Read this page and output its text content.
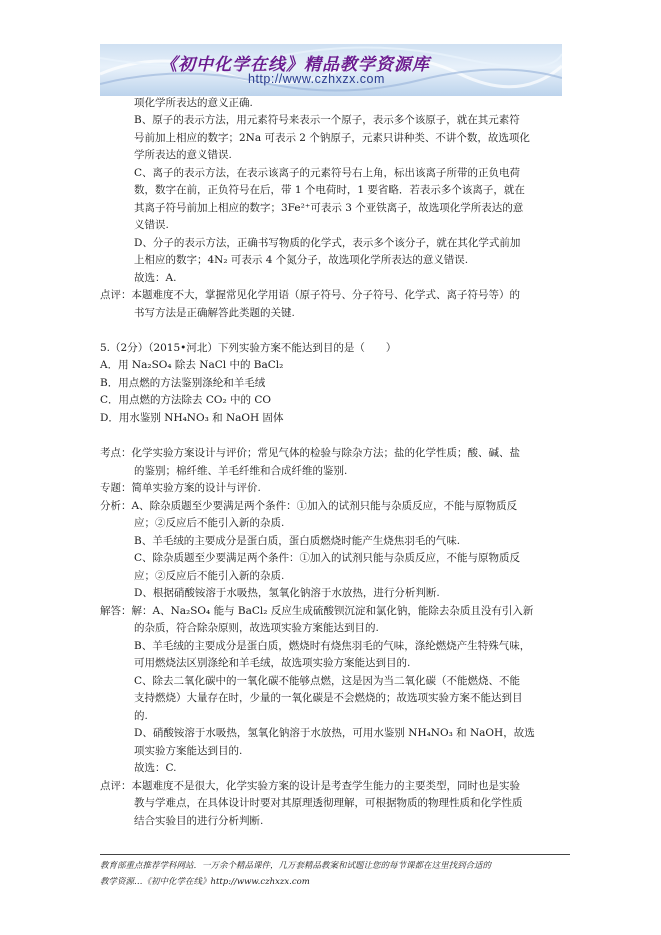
《初中化学在线》精品教学资源库
http://www.czhxzx.com
项化学所表达的意义正确.
B、原子的表示方法，用元素符号来表示一个原子，表示多个该原子，就在其元素符
号前加上相应的数字；2Na 可表示 2 个钠原子，元素只讲种类、不讲个数，故选项化
学所表达的意义错误.
C、离子的表示方法，在表示该离子的元素符号右上角，标出该离子所带的正负电荷
数，数字在前，正负符号在后，带 1 个电荷时，1 要省略．若表示多个该离子，就在
其离子符号前加上相应的数字；3Fe²⁺可表示 3 个亚铁离子，故选项化学所表达的意
义错误.
D、分子的表示方法，正确书写物质的化学式，表示多个该分子，就在其化学式前加
上相应的数字；4N₂ 可表示 4 个氮分子，故选项化学所表达的意义错误.
故选：A.
点评：本题难度不大，掌握常见化学用语（原子符号、分子符号、化学式、离子符号等）的
书写方法是正确解答此类题的关键.
5.（2分）（2015•河北）下列实验方案不能达到目的是（　　）
A．用 Na₂SO₄ 除去 NaCl 中的 BaCl₂
B．用点燃的方法鉴别涤纶和羊毛绒
C．用点燃的方法除去 CO₂ 中的 CO
D．用水鉴别 NH₄NO₃ 和 NaOH 固体
考点：化学实验方案设计与评价；常见气体的检验与除杂方法；盐的化学性质；酸、碱、盐
的鉴别；棉纤维、羊毛纤维和合成纤维的鉴别.
专题：简单实验方案的设计与评价.
分析：A、除杂质题至少要满足两个条件：①加入的试剂只能与杂质反应，不能与原物质反
应；②反应后不能引入新的杂质.
B、羊毛绒的主要成分是蛋白质，蛋白质燃烧时能产生烧焦羽毛的气味.
C、除杂质题至少要满足两个条件：①加入的试剂只能与杂质反应，不能与原物质反
应；②反应后不能引入新的杂质.
D、根据硝酸铵溶于水吸热，氢氧化钠溶于水放热，进行分析判断.
解答：解：A、Na₂SO₄ 能与 BaCl₂ 反应生成硫酸钡沉淀和氯化钠，能除去杂质且没有引入新
的杂质，符合除杂原则，故选项实验方案能达到目的.
B、羊毛绒的主要成分是蛋白质，燃烧时有烧焦羽毛的气味，涤纶燃烧产生特殊气味，
可用燃烧法区别涤纶和羊毛绒，故选项实验方案能达到目的.
C、除去二氧化碳中的一氧化碳不能够点燃，这是因为当二氧化碳（不能燃烧、不能
支持燃烧）大量存在时，少量的一氧化碳是不会燃烧的；故选项实验方案不能达到目
的.
D、硝酸铵溶于水吸热，氢氧化钠溶于水放热，可用水鉴别 NH₄NO₃ 和 NaOH，故选
项实验方案能达到目的.
故选：C.
点评：本题难度不是很大，化学实验方案的设计是考查学生能力的主要类型，同时也是实验
教与学难点，在具体设计时要对其原理透彻理解，可根据物质的物理性质和化学性质
结合实验目的进行分析判断.
教育部重点推荐学科网站．一万余个精品课件，几万套精品教案和试题让您的每节课都在这里找到合适的
教学资源…《初中化学在线》http://www.czhxzx.com
